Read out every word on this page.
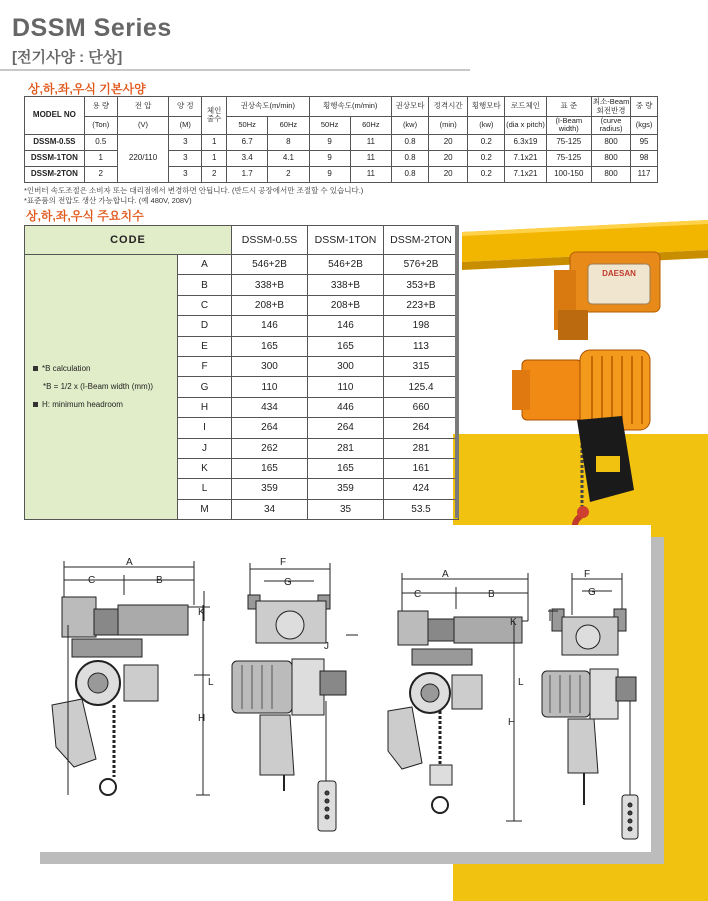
DSSM Series
[전기사양 : 단상]
상,하,좌,우식 기본사양
MODEL NO	용 량	전 압	양 정	체인 줄수	권상속도(m/min)		횡행속도(m/min)		권상모타	정격시간	횡행모타	로드체인	표 준	최소-Beam 회전반경	중 량
	(Ton)	(V)	(M)		50Hz	60Hz	50Hz	60Hz	(kw)	(min)	(kw)	(dia x pitch)	(I-Beam width)	(curve radius)	(kgs)
DSSM-0.5S	0.5	220/110	3	1	6.7	8	9	11	0.8	20	0.2	6.3x19	75-125	800	95
DSSM-1TON	1		3	1	3.4	4.1	9	11	0.8	20	0.2	7.1x21	75-125	800	98
DSSM-2TON	2		3	2	1.7	2	9	11	0.8	20	0.2	7.1x21	100-150	800	117
*인버터 속도조절은 소비자 또는 대리점에서 변경하면 안됩니다. (반드시 공장에서만 조절할 수 있습니다.)
*표준품의 전압도 생산 가능합니다. (예 480V, 208V)
상,하,좌,우식 주요치수
DAESAN
CODE		DSSM-0.5S	DSSM-1TON	DSSM-2TON

*B calculation
*B = 1/2 x (I-Beam width (mm))
H: minimum headroom	A	546+2B	546+2B	576+2B
	B	338+B	338+B	353+B
	C	208+B	208+B	223+B
	D	146	146	198
	E	165	165	113
	F	300	300	315
	G	110	110	125.4
	H	434	446	660
	I	264	264	264
	J	262	281	281
	K	165	165	161
	L	359	359	424
	M	34	35	53.5
A
C	B
L
H
F
G
K
J
A
C	B
L
H
K
F
G
